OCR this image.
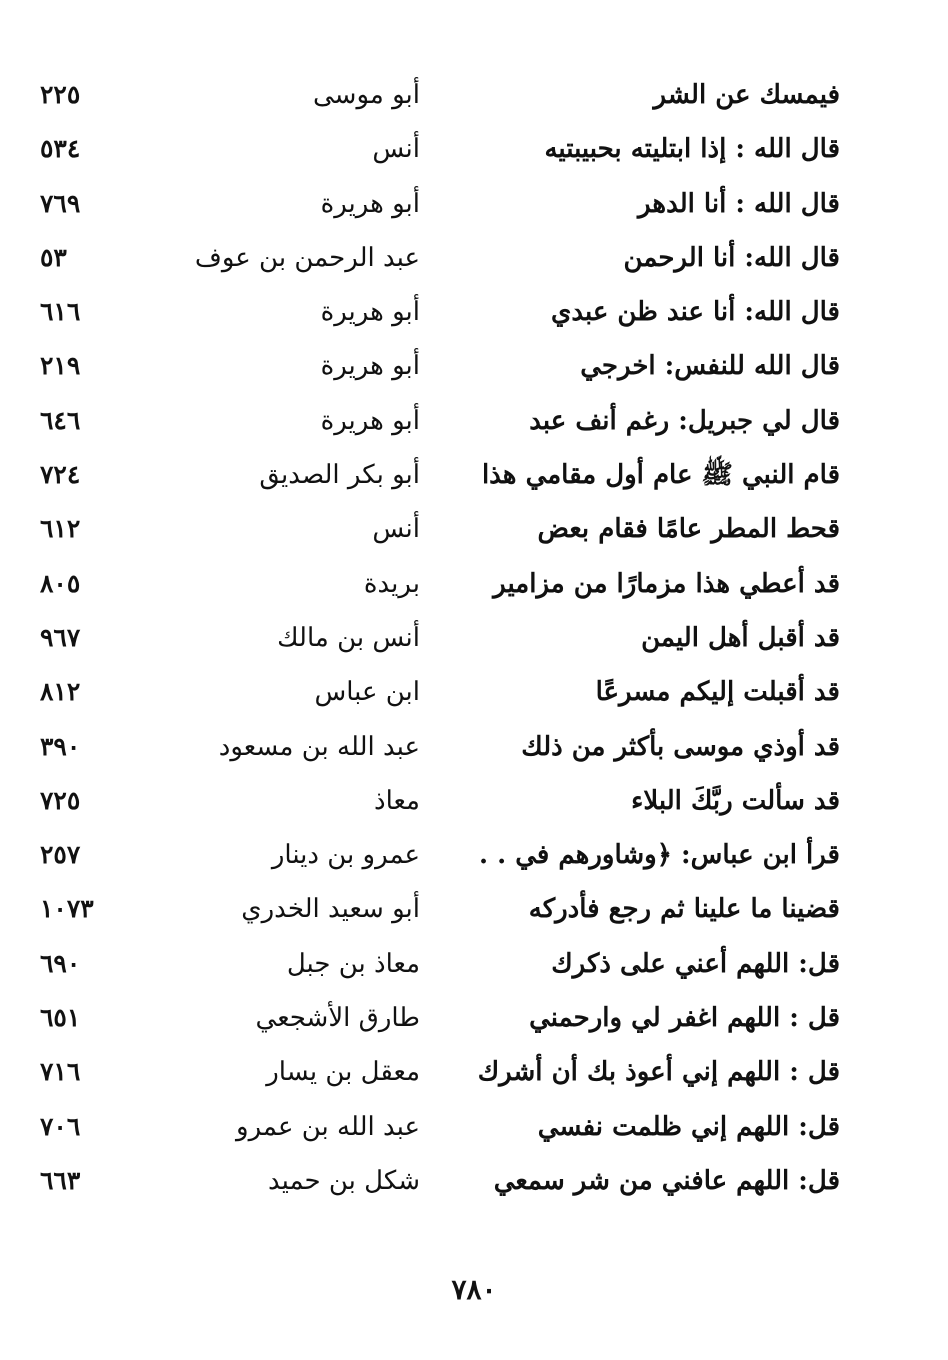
فيمسك عن الشر
أبو موسى
٢٢٥
قال الله : إذا ابتليته بحبيبتيه
أنس
٥٣٤
قال الله : أنا الدهر
أبو هريرة
٧٦٩
قال الله: أنا الرحمن
عبد الرحمن بن عوف
٥٣
قال الله: أنا عند ظن عبدي
أبو هريرة
٦١٦
قال الله للنفس: اخرجي
أبو هريرة
٢١٩
قال لي جبريل: رغم أنف عبد
أبو هريرة
٦٤٦
قام النبي ﷺ عام أول مقامي هذا
أبو بكر الصديق
٧٢٤
قحط المطر عامًا فقام بعض
أنس
٦١٢
قد أعطي هذا مزمارًا من مزامير
بريدة
٨٠٥
قد أقبل أهل اليمن
أنس بن مالك
٩٦٧
قد أقبلت إليكم مسرعًا
ابن عباس
٨١٢
قد أوذي موسى بأكثر من ذلك
عبد الله بن مسعود
٣٩٠
قد سألت ربَّكَ البلاء
معاذ
٧٢٥
قرأ ابن عباس: ﴿وشاورهم في . .
عمرو بن دينار
٢٥٧
قضينا ما علينا ثم رجع فأدركه
أبو سعيد الخدري
١٠٧٣
قل: اللهم أعني على ذكرك
معاذ بن جبل
٦٩٠
قل : اللهم اغفر لي وارحمني
طارق الأشجعي
٦٥١
قل : اللهم إني أعوذ بك أن أشرك
معقل بن يسار
٧١٦
قل: اللهم إني ظلمت نفسي
عبد الله بن عمرو
٧٠٦
قل: اللهم عافني من شر سمعي
شكل بن حميد
٦٦٣
٧٨٠
